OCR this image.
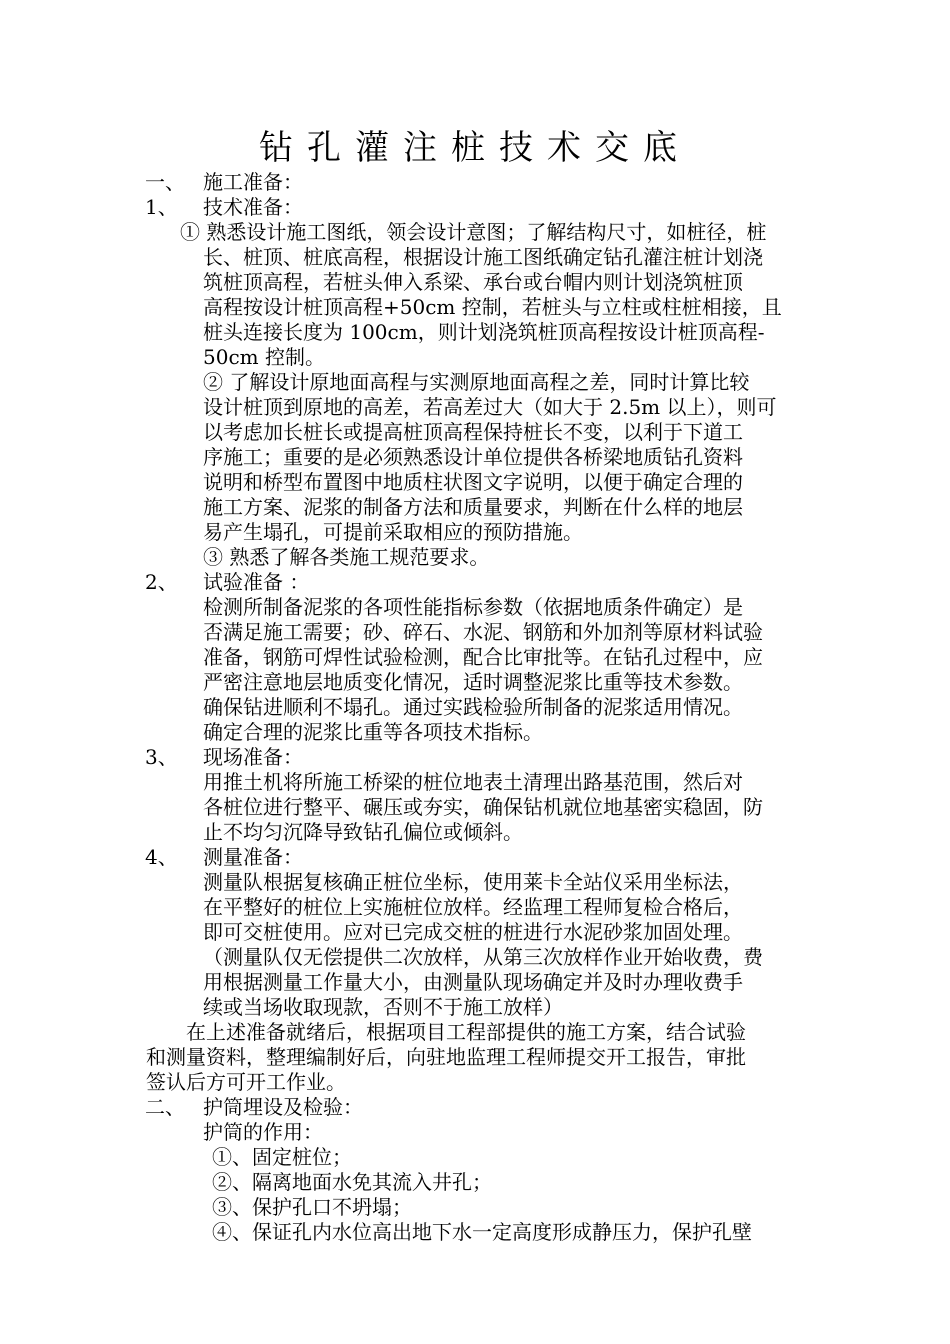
钻孔灌注桩技术交底
一、 施工准备：
1、 技术准备：
① 熟悉设计施工图纸，领会设计意图；了解结构尺寸，如桩径，桩
长、桩顶、桩底高程，根据设计施工图纸确定钻孔灌注桩计划浇
筑桩顶高程，若桩头伸入系梁、承台或台帽内则计划浇筑桩顶
高程按设计桩顶高程+50cm 控制，若桩头与立柱或柱桩相接，且
桩头连接长度为 100cm，则计划浇筑桩顶高程按设计桩顶高程-
50cm 控制。
② 了解设计原地面高程与实测原地面高程之差，同时计算比较
设计桩顶到原地的高差，若高差过大（如大于 2.5m 以上），则可
以考虑加长桩长或提高桩顶高程保持桩长不变，以利于下道工
序施工；重要的是必须熟悉设计单位提供各桥梁地质钻孔资料
说明和桥型布置图中地质柱状图文字说明，以便于确定合理的
施工方案、泥浆的制备方法和质量要求，判断在什么样的地层
易产生塌孔，可提前采取相应的预防措施。
③ 熟悉了解各类施工规范要求。
2、 试验准备 ：
检测所制备泥浆的各项性能指标参数（依据地质条件确定）是
否满足施工需要；砂、碎石、水泥、钢筋和外加剂等原材料试验
准备，钢筋可焊性试验检测，配合比审批等。在钻孔过程中，应
严密注意地层地质变化情况，适时调整泥浆比重等技术参数。
确保钻进顺利不塌孔。通过实践检验所制备的泥浆适用情况。
确定合理的泥浆比重等各项技术指标。
3、 现场准备：
用推土机将所施工桥梁的桩位地表土清理出路基范围，然后对
各桩位进行整平、碾压或夯实，确保钻机就位地基密实稳固，防
止不均匀沉降导致钻孔偏位或倾斜。
4、 测量准备：
测量队根据复核确正桩位坐标，使用莱卡全站仪采用坐标法，
在平整好的桩位上实施桩位放样。经监理工程师复检合格后，
即可交桩使用。应对已完成交桩的桩进行水泥砂浆加固处理。
（测量队仅无偿提供二次放样，从第三次放样作业开始收费，费
用根据测量工作量大小，由测量队现场确定并及时办理收费手
续或当场收取现款，否则不于施工放样）
在上述准备就绪后，根据项目工程部提供的施工方案，结合试验
和测量资料，整理编制好后，向驻地监理工程师提交开工报告，审批
签认后方可开工作业。
二、 护筒埋设及检验：
护筒的作用：
①、固定桩位；
②、隔离地面水免其流入井孔；
③、保护孔口不坍塌；
④、保证孔内水位高出地下水一定高度形成静压力，保护孔壁
